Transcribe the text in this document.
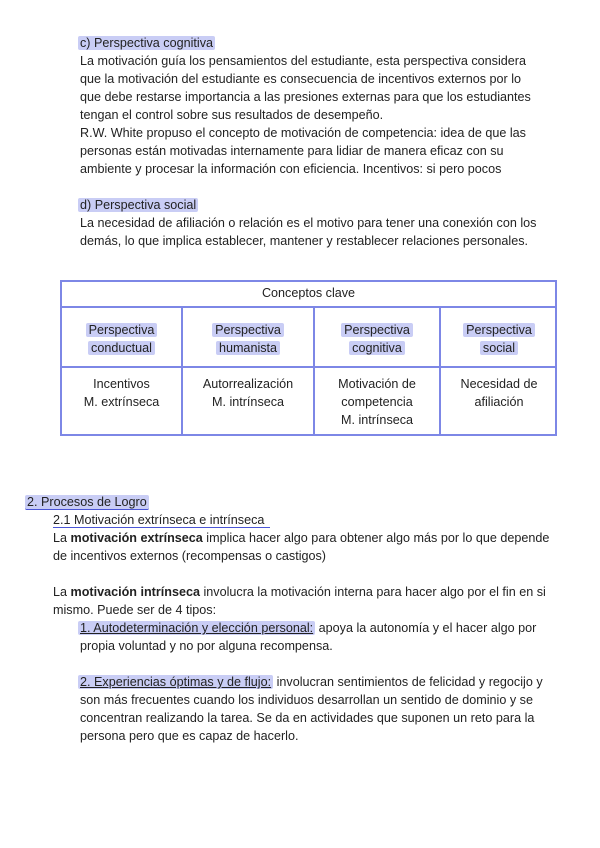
c) Perspectiva cognitiva
La motivación guía los pensamientos del estudiante, esta perspectiva considera
que la motivación del estudiante es consecuencia de incentivos externos por lo
que debe restarse importancia a las presiones externas para que los estudiantes
tengan el control sobre sus resultados de desempeño.
R.W. White propuso el concepto de motivación de competencia: idea de que las
personas están motivadas internamente para lidiar de manera eficaz con su
ambiente y procesar la información con eficiencia. Incentivos: si pero pocos
d) Perspectiva social
La necesidad de afiliación o relación es el motivo para tener una conexión con los
demás, lo que implica establecer, mantener y restablecer relaciones personales.
Conceptos clave
Perspectiva
conductual
Perspectiva
humanista
Perspectiva
cognitiva
Perspectiva
social
Incentivos
M. extrínseca
Autorrealización
M. intrínseca
Motivación de
competencia
M. intrínseca
Necesidad de
afiliación
2. Procesos de Logro
2.1 Motivación extrínseca e intrínseca
La motivación extrínseca implica hacer algo para obtener algo más por lo que depende
de incentivos externos (recompensas o castigos)
La motivación intrínseca involucra la motivación interna para hacer algo por el fin en si
mismo. Puede ser de 4 tipos:
1. Autodeterminación y elección personal: apoya la autonomía y el hacer algo por
propia voluntad y no por alguna recompensa.
2. Experiencias óptimas y de flujo: involucran sentimientos de felicidad y regocijo y
son más frecuentes cuando los individuos desarrollan un sentido de dominio y se
concentran realizando la tarea. Se da en actividades que suponen un reto para la
persona pero que es capaz de hacerlo.
